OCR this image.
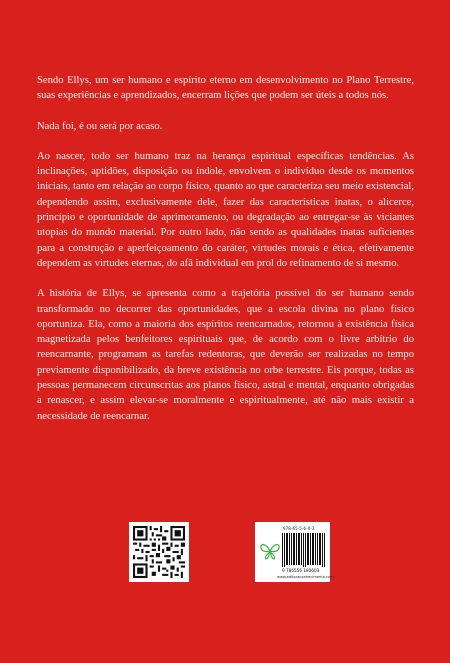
Sendo Ellys, um ser humano e espírito eterno em desenvolvimento no Plano Terrestre, suas experiências e aprendizados, encerram lições que podem ser úteis a todos nós.

Nada foi, é ou será por acaso.

Ao nascer, todo ser humano traz na herança espiritual específicas tendências. As inclinações, aptidões, disposição ou índole, envolvem o indivíduo desde os momentos iniciais, tanto em relação ao corpo físico, quanto ao que caracteriza seu meio existencial, dependendo assim, exclusivamente dele, fazer das características inatas, o alicerce, princípio e oportunidade de aprimoramento, ou degradação ao entregar-se às viciantes utopias do mundo material. Por outro lado, não sendo as qualidades inatas suficientes para a construção e aperfeiçoamento do caráter, virtudes morais e ética, efetivamente dependem as virtudes eternas, do afã individual em prol do refinamento de si mesmo.

A história de Ellys, se apresenta como a trajetória possível do ser humano sendo transformado no decorrer das oportunidades, que a escola divina no plano físico oportuniza. Ela, como a maioria dos espíritos reencarnados, retornou à existência física magnetizada pelos benfeitores espirituais que, de acordo com o livre arbítrio do reencarnante, programam as tarefas redentoras, que deverão ser realizadas no tempo previamente disponibilizado, da breve existência no orbe terrestre. Eis porque, todas as pessoas permanecem circunscritas aos planos físico, astral e mental, enquanto obrigadas a renascer, e assim elevar-se moralmente e espiritualmente, até não mais existir a necessidade de reencarnar.

978-65-5-6-0-3
9 786556 180603
www.editoraconhecimento.com
